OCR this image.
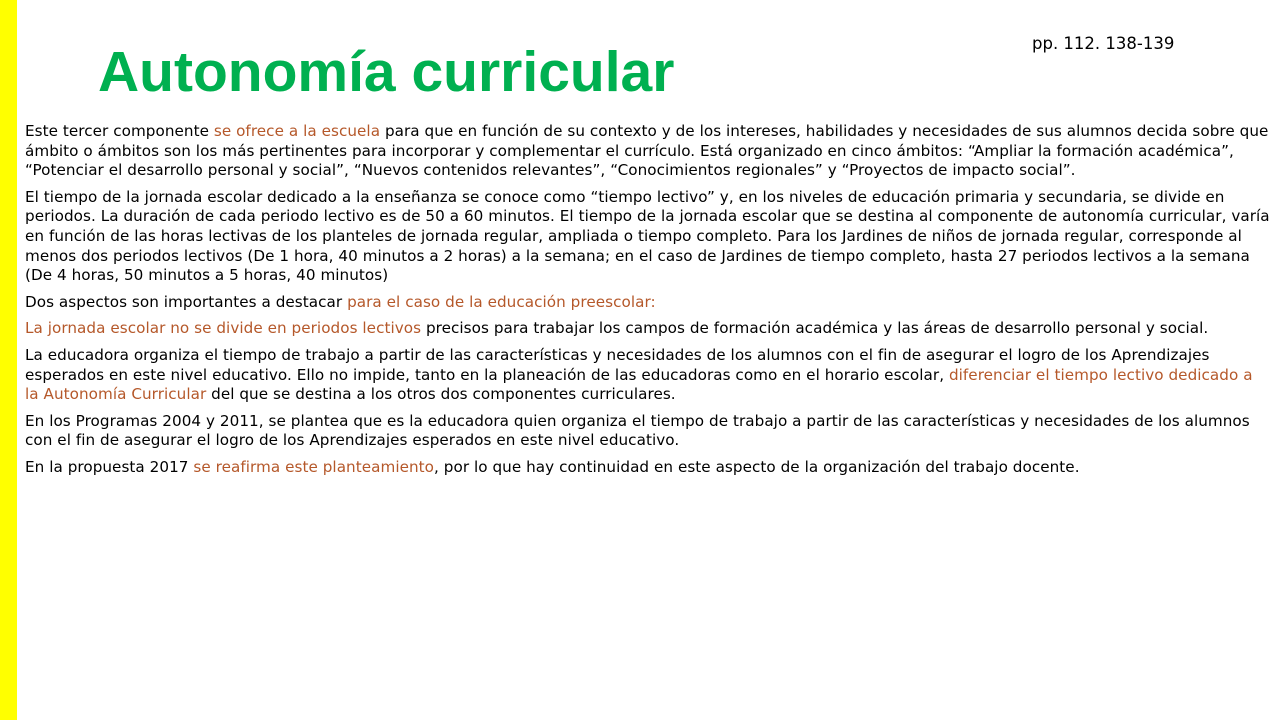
pp. 112. 138-139
Autonomía curricular

Este tercer componente se ofrece a la escuela para que en función de su contexto y de los intereses, habilidades y necesidades de sus alumnos decida sobre que ámbito o ámbitos son los más pertinentes para incorporar y complementar el currículo. Está organizado en cinco ámbitos: “Ampliar la formación académica”, “Potenciar el desarrollo personal y social”, “Nuevos contenidos relevantes”, “Conocimientos regionales” y “Proyectos de impacto social”.

El tiempo de la jornada escolar dedicado a la enseñanza se conoce como “tiempo lectivo” y, en los niveles de educación primaria y secundaria, se divide en periodos. La duración de cada periodo lectivo es de 50 a 60 minutos. El tiempo de la jornada escolar que se destina al componente de autonomía curricular, varía en función de las horas lectivas de los planteles de jornada regular, ampliada o tiempo completo. Para los Jardines de niños de jornada regular, corresponde al menos dos periodos lectivos (De 1 hora, 40 minutos a 2 horas) a la semana; en el caso de Jardines de tiempo completo, hasta 27 periodos lectivos a la semana (De 4 horas, 50 minutos a 5 horas, 40 minutos)

Dos aspectos son importantes a destacar para el caso de la educación preescolar:

La jornada escolar no se divide en periodos lectivos precisos para trabajar los campos de formación académica y las áreas de desarrollo personal y social.

La educadora organiza el tiempo de trabajo a partir de las características y necesidades de los alumnos con el fin de asegurar el logro de los Aprendizajes esperados en este nivel educativo. Ello no impide, tanto en la planeación de las educadoras como en el horario escolar, diferenciar el tiempo lectivo dedicado a la Autonomía Curricular del que se destina a los otros dos componentes curriculares.

En los Programas 2004 y 2011, se plantea que es la educadora quien organiza el tiempo de trabajo a partir de las características y necesidades de los alumnos con el fin de asegurar el logro de los Aprendizajes esperados en este nivel educativo.

En la propuesta 2017 se reafirma este planteamiento, por lo que hay continuidad en este aspecto de la organización del trabajo docente.
